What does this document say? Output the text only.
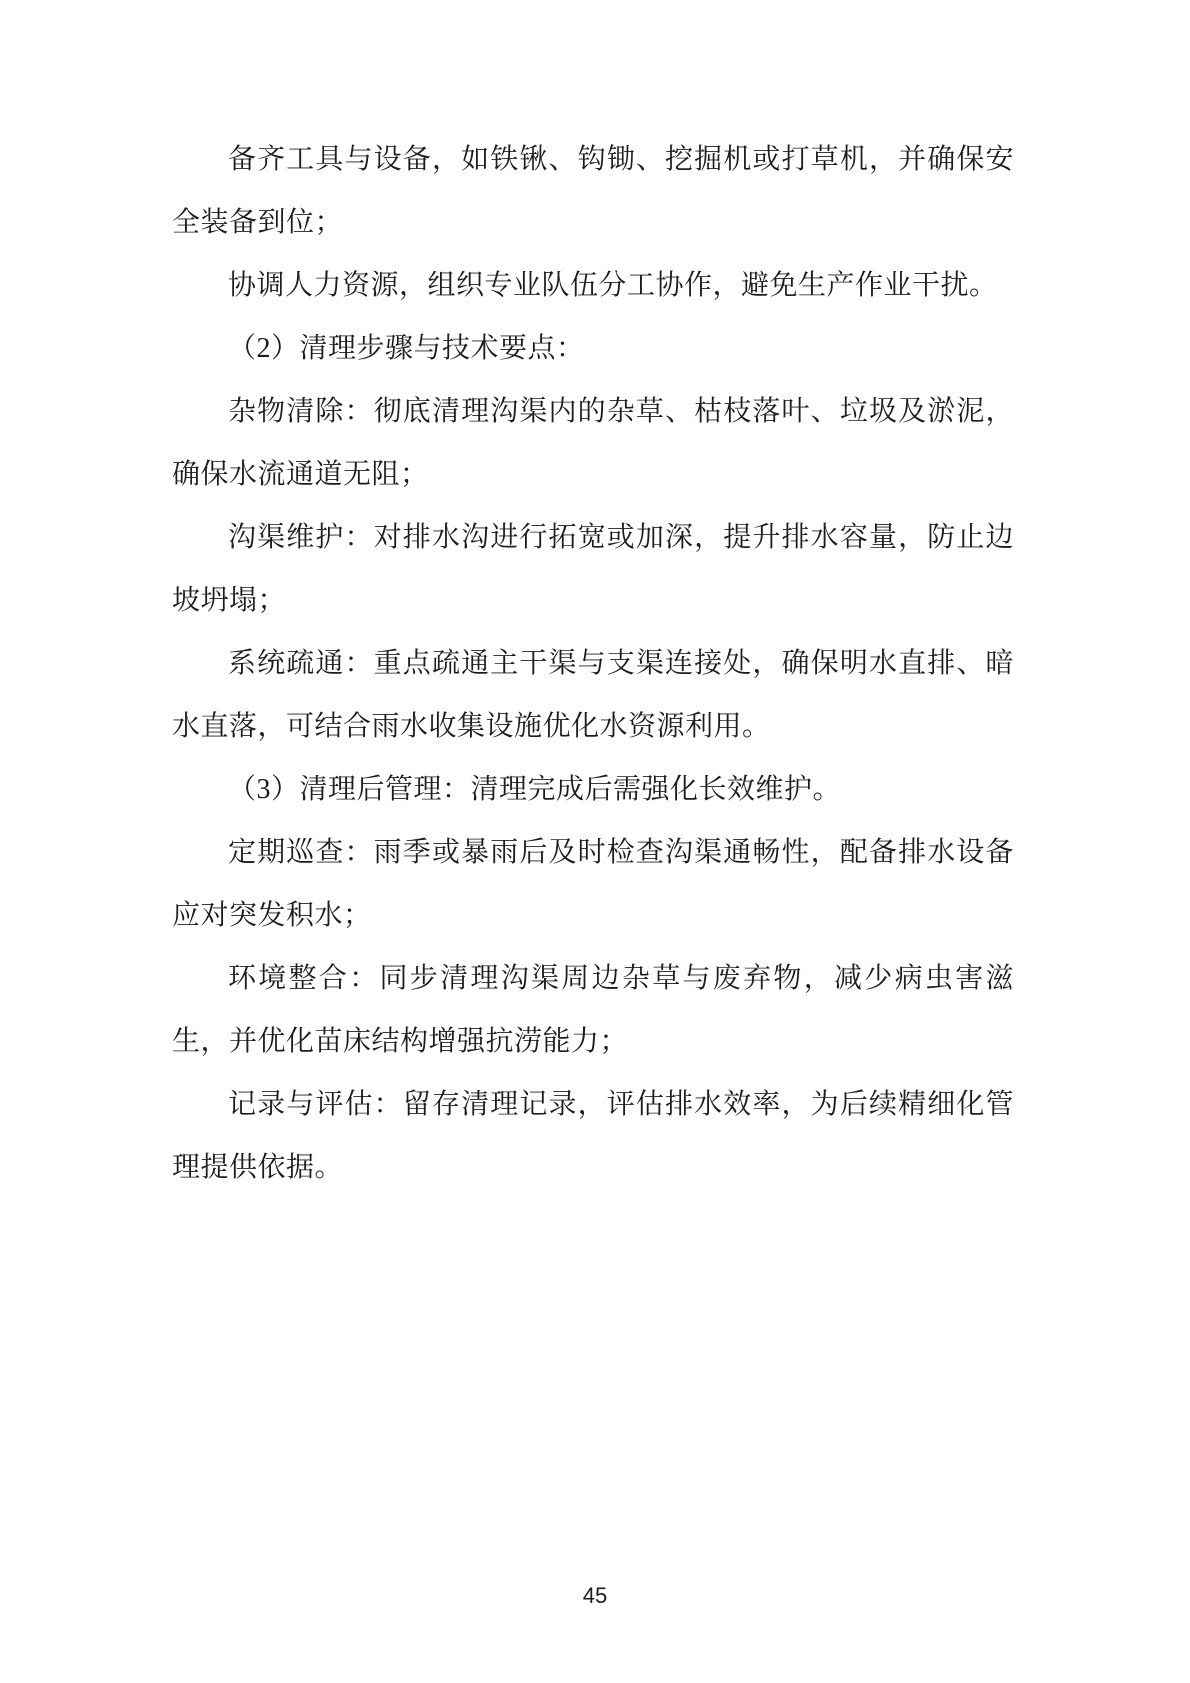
备齐工具与设备，如铁锹、钩锄、挖掘机或打草机，并确保安全装备到位；

协调人力资源，组织专业队伍分工协作，避免生产作业干扰。

（2）清理步骤与技术要点：

杂物清除：彻底清理沟渠内的杂草、枯枝落叶、垃圾及淤泥，确保水流通道无阻；

沟渠维护：对排水沟进行拓宽或加深，提升排水容量，防止边坡坍塌；

系统疏通：重点疏通主干渠与支渠连接处，确保明水直排、暗水直落，可结合雨水收集设施优化水资源利用。

（3）清理后管理：清理完成后需强化长效维护。

定期巡查：雨季或暴雨后及时检查沟渠通畅性，配备排水设备应对突发积水；

环境整合：同步清理沟渠周边杂草与废弃物，减少病虫害滋生，并优化苗床结构增强抗涝能力；

记录与评估：留存清理记录，评估排水效率，为后续精细化管理提供依据。

45
